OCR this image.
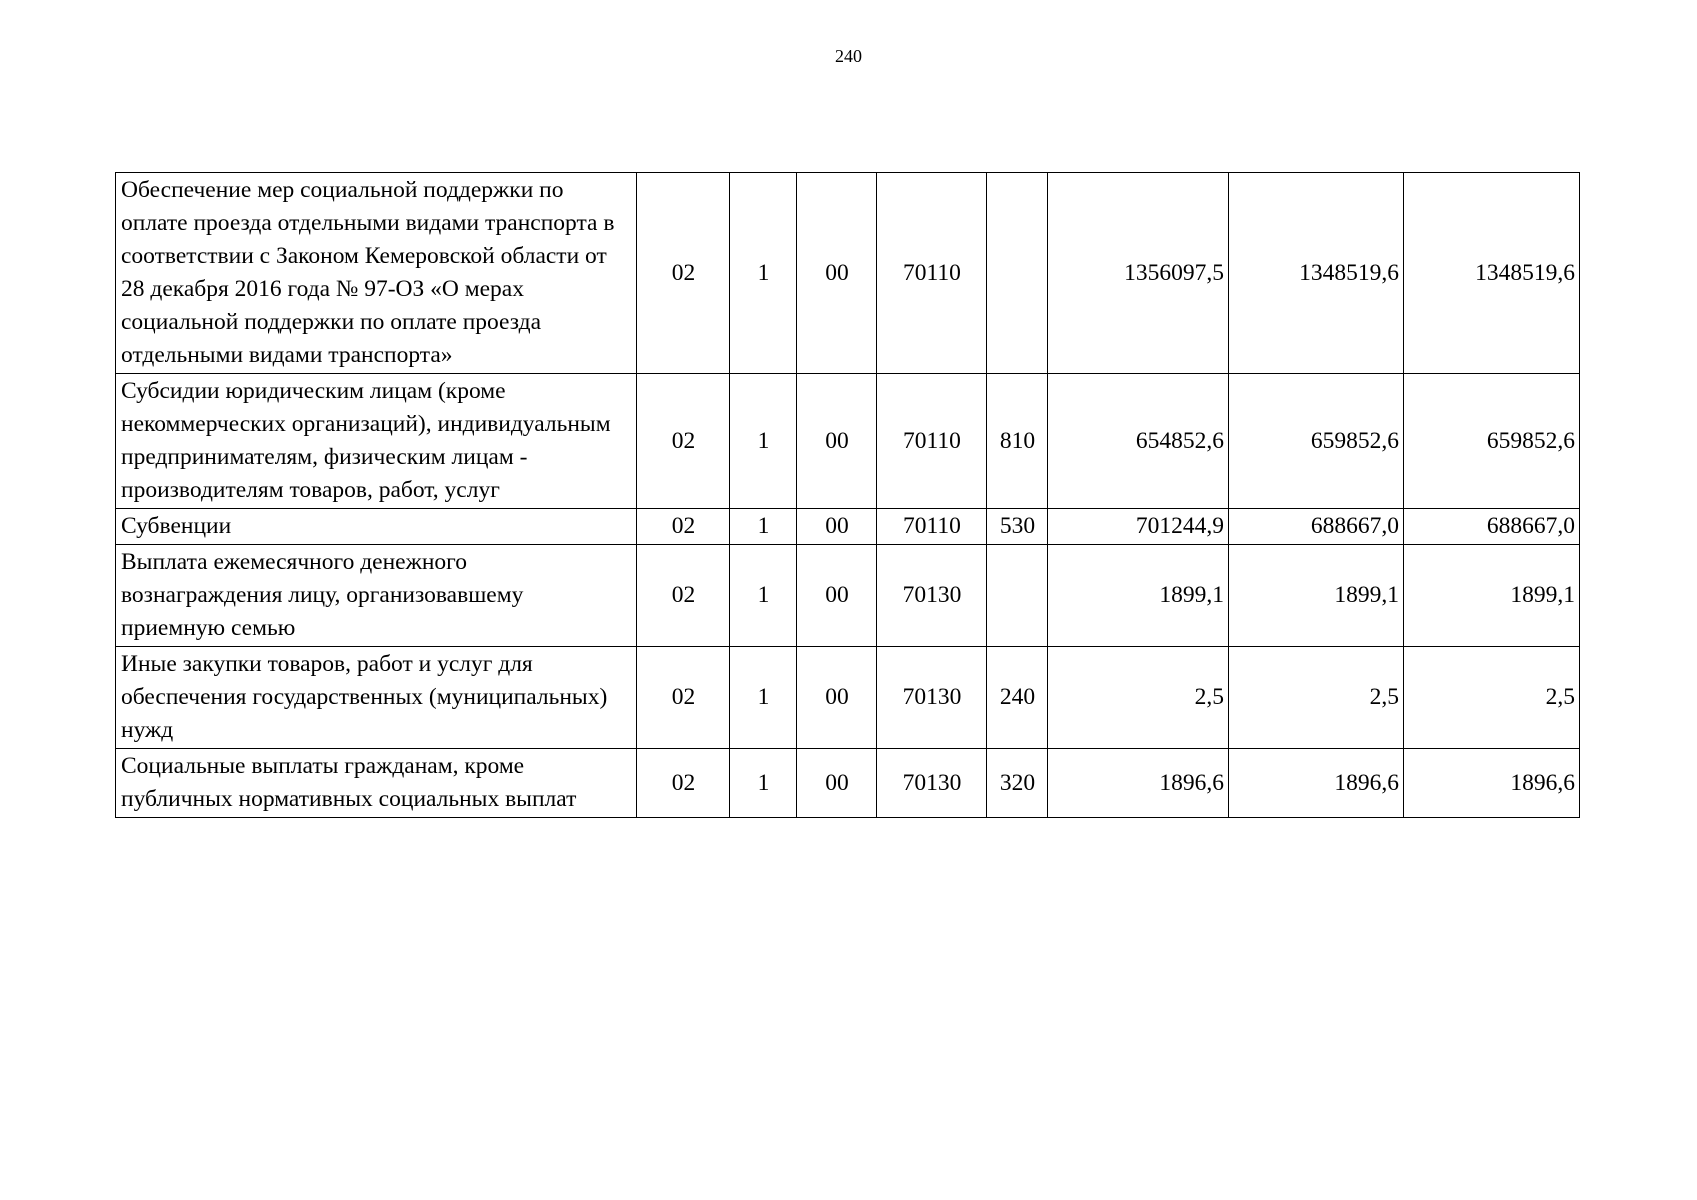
240
Обеспечение мер социальной поддержки по оплате проезда отдельными видами транспорта в соответствии с Законом Кемеровской области от 28 декабря 2016 года № 97-ОЗ «О мерах социальной поддержки по оплате проезда отдельными видами транспорта»	02	1	00	70110		1356097,5	1348519,6	1348519,6
Субсидии юридическим лицам (кроме некоммерческих организаций), индивидуальным предпринимателям, физическим лицам - производителям товаров, работ, услуг	02	1	00	70110	810	654852,6	659852,6	659852,6
Субвенции	02	1	00	70110	530	701244,9	688667,0	688667,0
Выплата ежемесячного денежного вознаграждения лицу, организовавшему приемную семью	02	1	00	70130		1899,1	1899,1	1899,1
Иные закупки товаров, работ и услуг для обеспечения государственных (муниципальных) нужд	02	1	00	70130	240	2,5	2,5	2,5
Социальные выплаты гражданам, кроме публичных нормативных социальных выплат	02	1	00	70130	320	1896,6	1896,6	1896,6
